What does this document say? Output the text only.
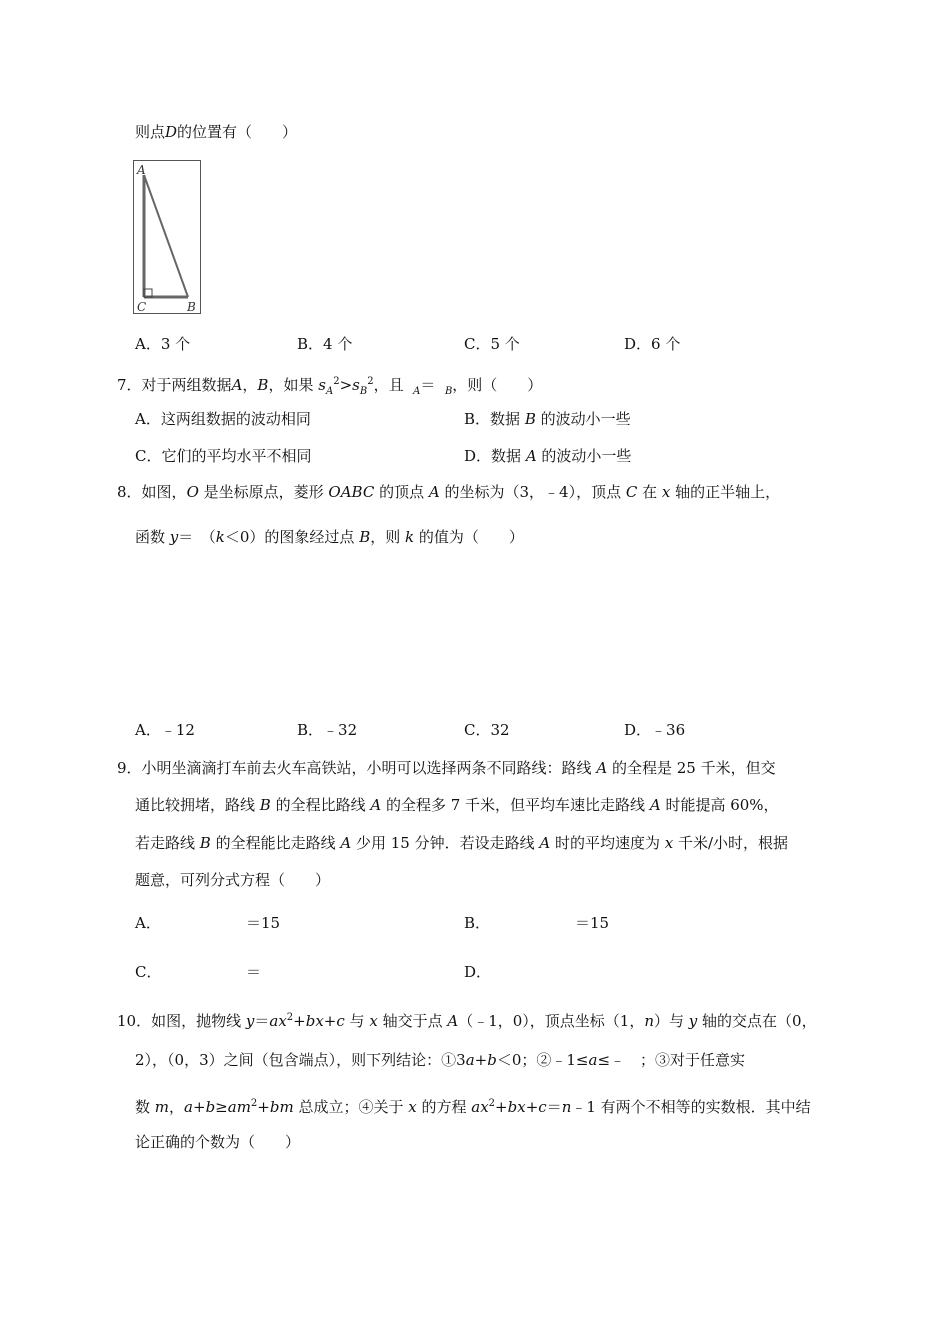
则点D的位置有（　　）
A
C	B
A．3 个	B．4 个	C．5 个	D．6 个
7．对于两组数据A，B，如果 $s_A^2>s_B^2$，且 $_A$＝ $_B$，则（　　）
A．这两组数据的波动相同	B．数据 B 的波动小一些
C．它们的平均水平不相同	D．数据 A 的波动小一些
8．如图，O 是坐标原点，菱形 OABC 的顶点 A 的坐标为（3，﹣4），顶点 C 在 x 轴的正半轴上，
函数 y＝　（k＜0）的图象经过点 B，则 k 的值为（　　）
A．﹣12	B．﹣32	C．32	D．﹣36
9．小明坐滴滴打车前去火车高铁站，小明可以选择两条不同路线：路线 A 的全程是 25 千米，但交
通比较拥堵，路线 B 的全程比路线 A 的全程多 7 千米，但平均车速比走路线 A 时能提高 60%，
若走路线 B 的全程能比走路线 A 少用 15 分钟．若设走路线 A 时的平均速度为 x 千米/小时，根据
题意，可列分式方程（　　）
A．	＝15	B．	＝15
C．	＝	D．
10．如图，抛物线 $y=ax^2+bx+c$ 与 x 轴交于点 A（﹣1，0），顶点坐标（1，n）与 y 轴的交点在（0，
2），（0，3）之间（包含端点），则下列结论：①3a+b＜0；②﹣1≤a≤﹣　；③对于任意实
数 m，$a+b\ge am^2+bm$ 总成立；④关于 x 的方程 $ax^2+bx+c=n﹣1$ 有两个不相等的实数根．其中结
论正确的个数为（　　）
